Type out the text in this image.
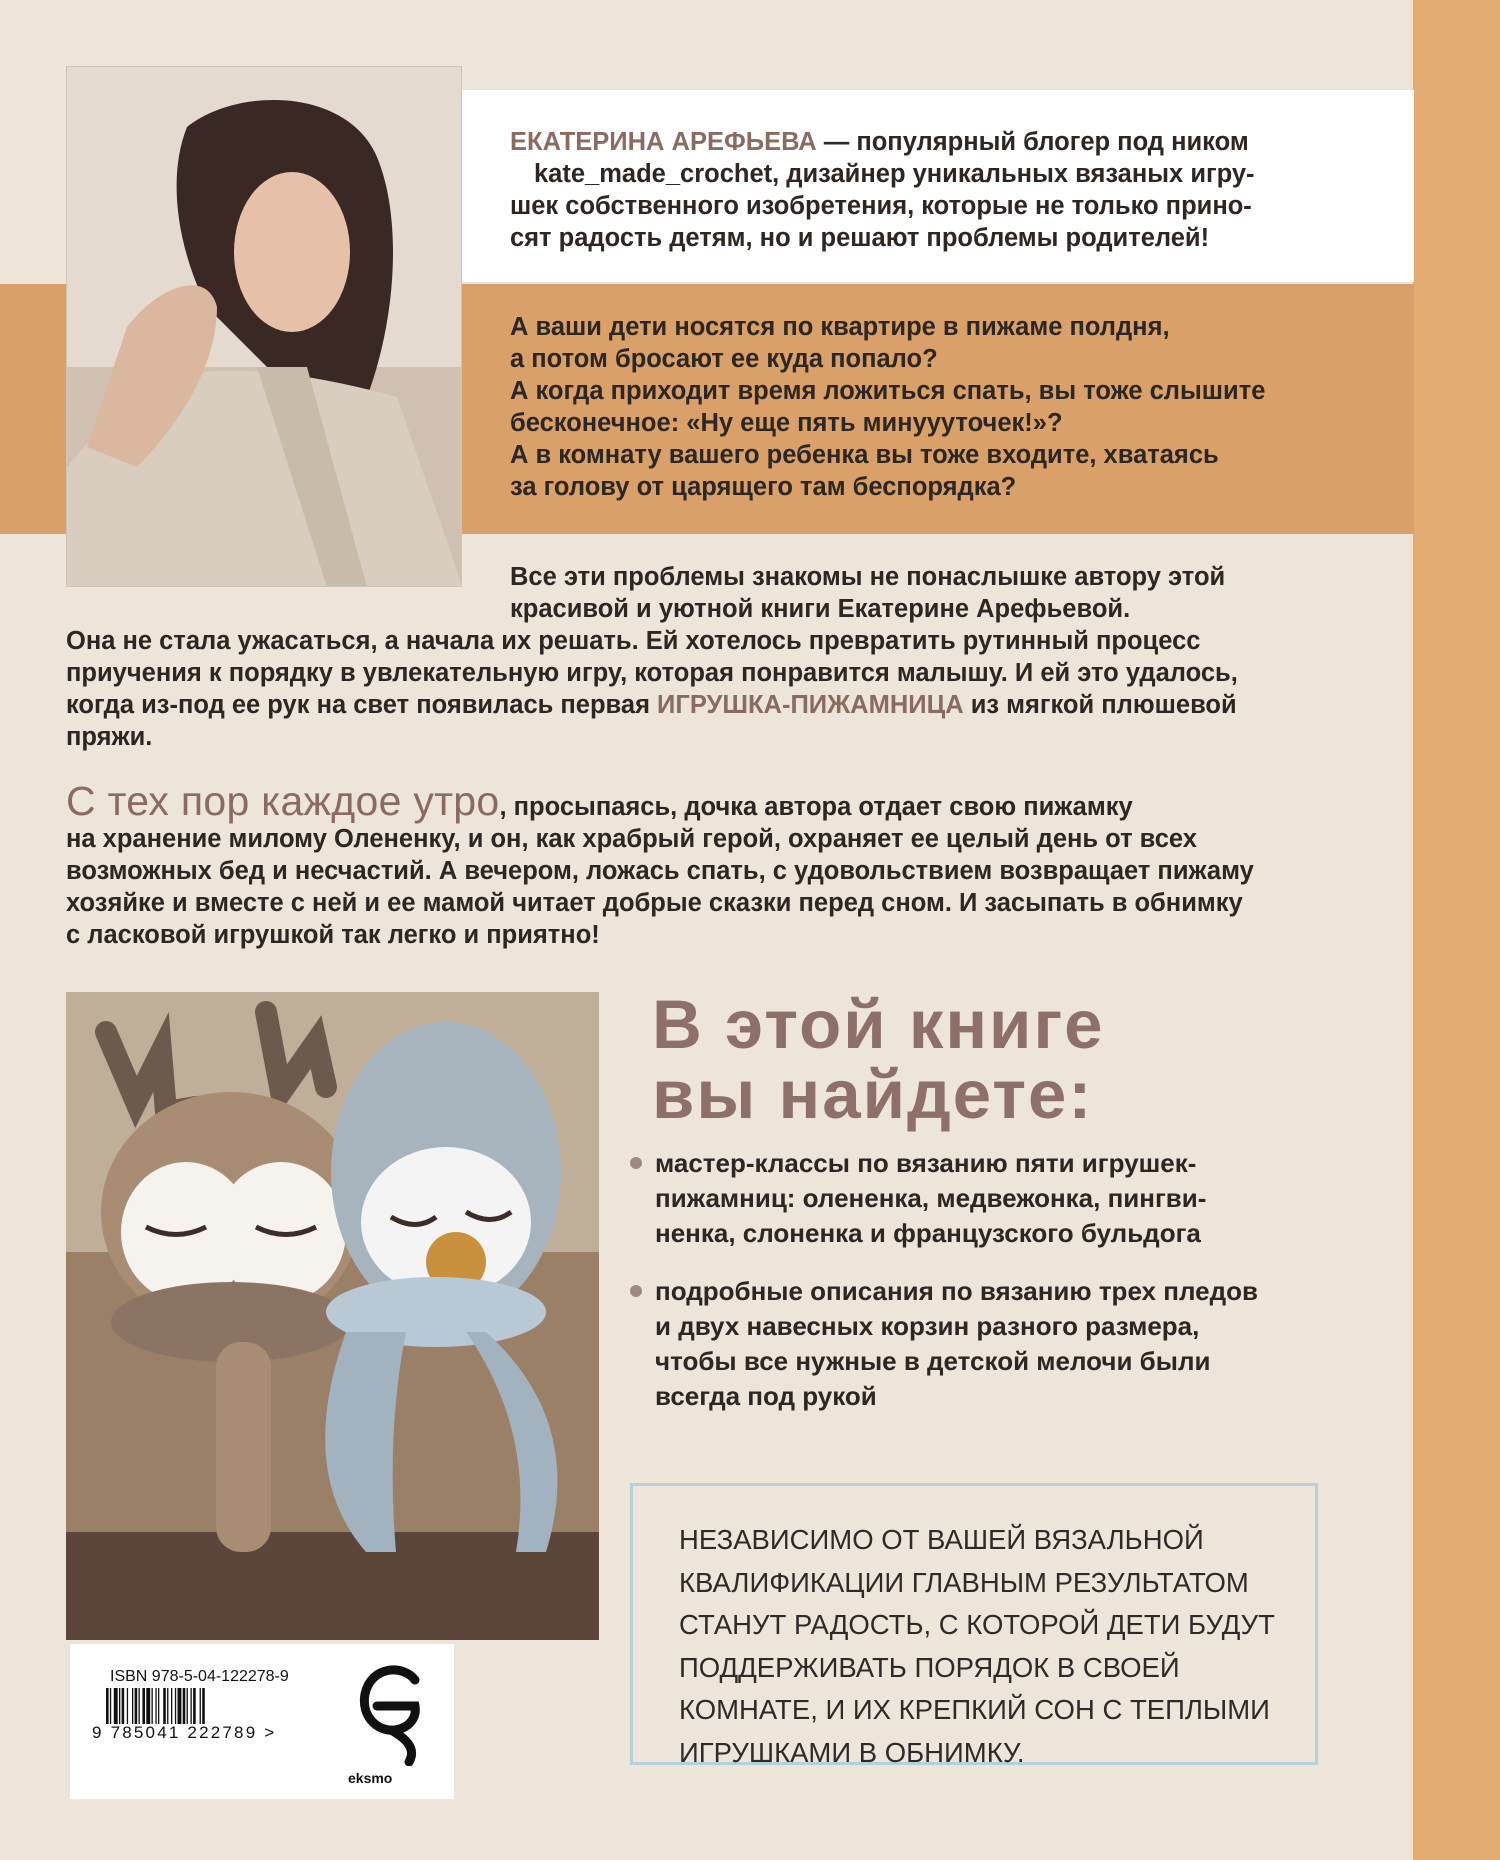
ЕКАТЕРИНА АРЕФЬЕВА — популярный блогер под ником
kate_made_crochet, дизайнер уникальных вязаных игру-
шек собственного изобретения, которые не только прино-
сят радость детям, но и решают проблемы родителей!
А ваши дети носятся по квартире в пижаме полдня,
а потом бросают ее куда попало?
А когда приходит время ложиться спать, вы тоже слышите
бесконечное: «Ну еще пять минуууточек!»?
А в комнату вашего ребенка вы тоже входите, хватаясь
за голову от царящего там беспорядка?
Все эти проблемы знакомы не понаслышке автору этой
красивой и уютной книги Екатерине Арефьевой.
Она не стала ужасаться, а начала их решать. Ей хотелось превратить рутинный процесс
приучения к порядку в увлекательную игру, которая понравится малышу. И ей это удалось,
когда из-под ее рук на свет появилась первая ИГРУШКА-ПИЖАМНИЦА из мягкой плюшевой
пряжи.
С тех пор каждое утро, просыпаясь, дочка автора отдает свою пижамку
на хранение милому Олененку, и он, как храбрый герой, охраняет ее целый день от всех
возможных бед и несчастий. А вечером, ложась спать, с удовольствием возвращает пижаму
хозяйке и вместе с ней и ее мамой читает добрые сказки перед сном. И засыпать в обнимку
с ласковой игрушкой так легко и приятно!
В этой книге
вы найдете:
мастер-классы по вязанию пяти игрушек-
пижамниц: олененка, медвежонка, пингви-
ненка, слоненка и французского бульдога
подробные описания по вязанию трех пледов
и двух навесных корзин разного размера,
чтобы все нужные в детской мелочи были
всегда под рукой
НЕЗАВИСИМО ОТ ВАШЕЙ ВЯЗАЛЬНОЙ
КВАЛИФИКАЦИИ ГЛАВНЫМ РЕЗУЛЬТАТОМ
СТАНУТ РАДОСТЬ, С КОТОРОЙ ДЕТИ БУДУТ
ПОДДЕРЖИВАТЬ ПОРЯДОК В СВОЕЙ
КОМНАТЕ, И ИХ КРЕПКИЙ СОН С ТЕПЛЫМИ
ИГРУШКАМИ В ОБНИМКУ.
ISBN 978-5-04-122278-9
9 785041 222789 >
eksmo
